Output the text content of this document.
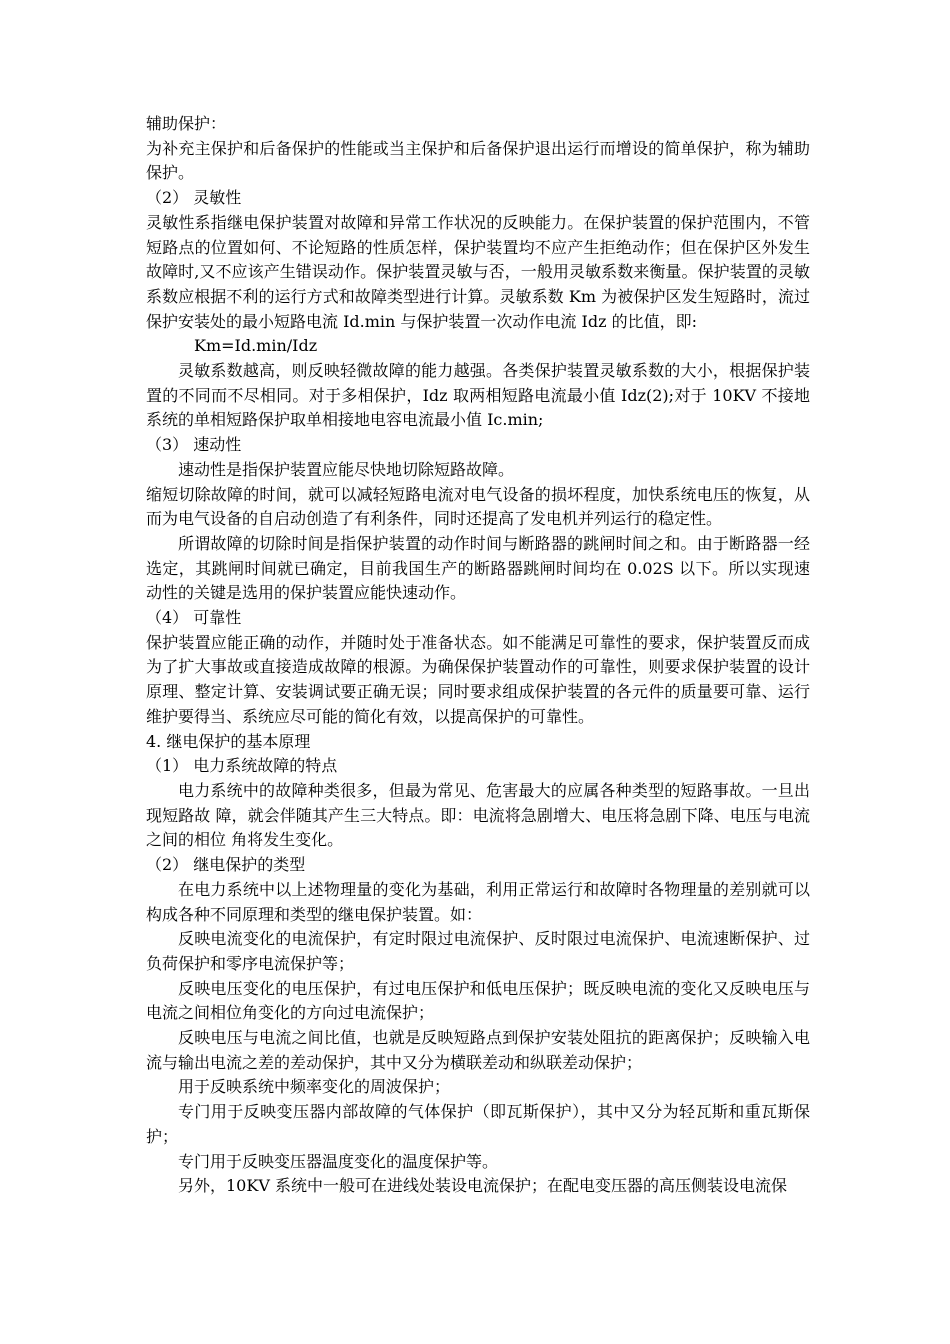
辅助保护：

为补充主保护和后备保护的性能或当主保护和后备保护退出运行而增设的简单保护，称为辅助保护。

（2） 灵敏性

灵敏性系指继电保护装置对故障和异常工作状况的反映能力。在保护装置的保护范围内，不管短路点的位置如何、不论短路的性质怎样，保护装置均不应产生拒绝动作；但在保护区外发生故障时,又不应该产生错误动作。保护装置灵敏与否，一般用灵敏系数来衡量。保护装置的灵敏系数应根据不利的运行方式和故障类型进行计算。灵敏系数 Km 为被保护区发生短路时，流过保护安装处的最小短路电流 Id.min 与保护装置一次动作电流 Idz 的比值，即:

Km=Id.min/Idz

灵敏系数越高，则反映轻微故障的能力越强。各类保护装置灵敏系数的大小，根据保护装置的不同而不尽相同。对于多相保护，Idz 取两相短路电流最小值 Idz(2);对于 10KV 不接地系统的单相短路保护取单相接地电容电流最小值 Ic.min;

（3） 速动性

速动性是指保护装置应能尽快地切除短路故障。

缩短切除故障的时间，就可以减轻短路电流对电气设备的损坏程度，加快系统电压的恢复，从而为电气设备的自启动创造了有利条件，同时还提高了发电机并列运行的稳定性。

所谓故障的切除时间是指保护装置的动作时间与断路器的跳闸时间之和。由于断路器一经选定，其跳闸时间就已确定，目前我国生产的断路器跳闸时间均在 0.02S 以下。所以实现速动性的关键是选用的保护装置应能快速动作。

（4） 可靠性

保护装置应能正确的动作，并随时处于准备状态。如不能满足可靠性的要求，保护装置反而成为了扩大事故或直接造成故障的根源。为确保保护装置动作的可靠性，则要求保护装置的设计原理、整定计算、安装调试要正确无误；同时要求组成保护装置的各元件的质量要可靠、运行维护要得当、系统应尽可能的简化有效，以提高保护的可靠性。

4. 继电保护的基本原理

（1） 电力系统故障的特点

电力系统中的故障种类很多，但最为常见、危害最大的应属各种类型的短路事故。一旦出现短路故 障，就会伴随其产生三大特点。即：电流将急剧增大、电压将急剧下降、电压与电流之间的相位 角将发生变化。

（2） 继电保护的类型

在电力系统中以上述物理量的变化为基础，利用正常运行和故障时各物理量的差别就可以构成各种不同原理和类型的继电保护装置。如：

反映电流变化的电流保护，有定时限过电流保护、反时限过电流保护、电流速断保护、过负荷保护和零序电流保护等；

反映电压变化的电压保护，有过电压保护和低电压保护；既反映电流的变化又反映电压与电流之间相位角变化的方向过电流保护；

反映电压与电流之间比值，也就是反映短路点到保护安装处阻抗的距离保护；反映输入电流与输出电流之差的差动保护，其中又分为横联差动和纵联差动保护；

用于反映系统中频率变化的周波保护；

专门用于反映变压器内部故障的气体保护（即瓦斯保护），其中又分为轻瓦斯和重瓦斯保护；

专门用于反映变压器温度变化的温度保护等。

另外，10KV 系统中一般可在进线处装设电流保护；在配电变压器的高压侧装设电流保
